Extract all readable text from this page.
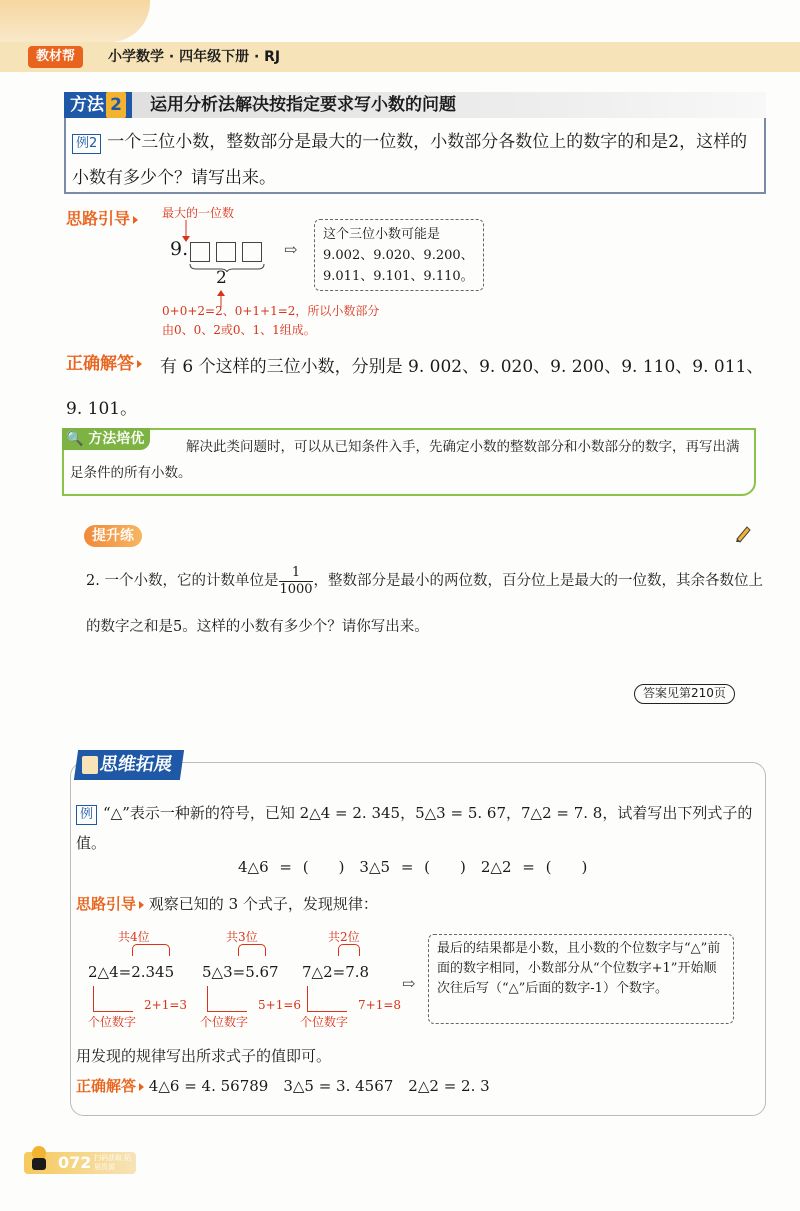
教材帮	小学数学 · 四年级下册 · RJ
方法 2	运用分析法解决按指定要求写小数的问题
例2 一个三位小数，整数部分是最大的一位数，小数部分各数位上的数字的和是2，这样的小数有多少个？请写出来。
思路引导	最大的一位数
9.
2
0+0+2=2、0+1+1=2，所以小数部分
由0、0、2或0、1、1组成。
⇨
这个三位小数可能是
9.002、9.020、9.200、
9.011、9.101、9.110。
有 6 个这样的三位小数，分别是 9. 002、9. 020、9. 200、9. 110、9. 011、9. 101。
正确解答
🔍 方法培优	解决此类问题时，可以从已知条件入手，先确定小数的整数部分和小数部分的数字，再写出满足条件的所有小数。
提升练
2. 一个小数，它的计数单位是 $\frac{1}{1000}$ ，整数部分是最小的两位数，百分位上是最大的一位数，其余各数位上的数字之和是5。这样的小数有多少个？请你写出来。
答案见第210页
思维拓展
例 “△”表示一种新的符号，已知 2△4 = 2. 345，5△3 = 5. 67，7△2 = 7. 8，试着写出下列式子的值。
4△6 = (　　)　3△5 = (　　)　2△2 = (　　)
思路引导 观察已知的 3 个式子，发现规律：
共4位
2△4=2.345
2+1=3
个位数字
共3位
5△3=5.67
5+1=6
个位数字
共2位
7△2=7.8
7+1=8
个位数字
⇨
最后的结果都是小数，且小数的个位数字与“△”前面的数字相同，小数部分从“个位数字+1”开始顺次往后写（“△”后面的数字-1）个数字。
用发现的规律写出所求式子的值即可。
正确解答 4△6 = 4. 56789　3△5 = 3. 4567　2△2 = 2. 3
072 扫码获取 拓展资源
